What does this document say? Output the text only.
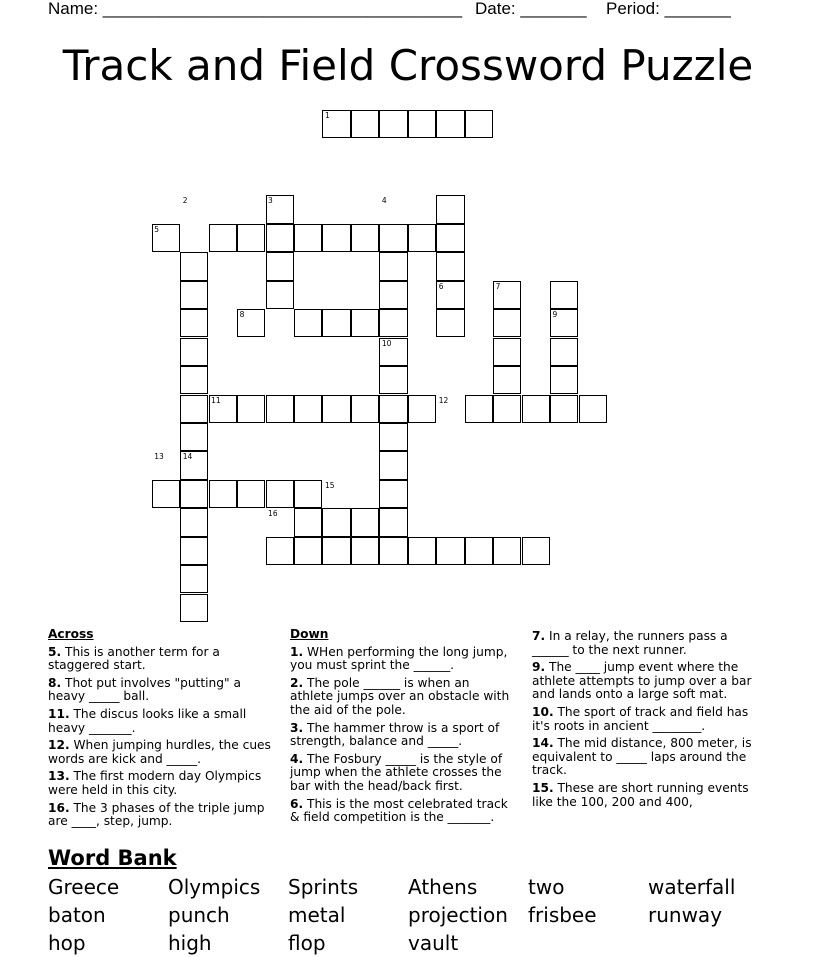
Name: ______________________________________ Date: _______ Period: _______
Track and Field Crossword Puzzle
1
2	3	4
5
6	7
8	9
10
11	12
13	14
15
16
Across
5. This is another term for a staggered start.
8. Thot put involves "putting" a heavy _____ ball.
11. The discus looks like a small heavy _______.
12. When jumping hurdles, the cues words are kick and _____.
13. The first modern day Olympics were held in this city.
16. The 3 phases of the triple jump are ____, step, jump.
Down
1. WHen performing the long jump, you must sprint the ______.
2. The pole ______ is when an athlete jumps over an obstacle with the aid of the pole.
3. The hammer throw is a sport of strength, balance and _____.
4. The Fosbury _____ is the style of jump when the athlete crosses the bar with the head/back first.
6. This is the most celebrated track & field competition is the _______.
7. In a relay, the runners pass a ______ to the next runner.
9. The ____ jump event where the athlete attempts to jump over a bar and lands onto a large soft mat.
10. The sport of track and field has it's roots in ancient ________.
14. The mid distance, 800 meter, is equivalent to _____ laps around the track.
15. These are short running events like the 100, 200 and 400,
Word Bank
Greece Olympics Sprints Athens	two	waterfall
baton	punch	metal	projection frisbee	runway
hop	high	flop	vault
